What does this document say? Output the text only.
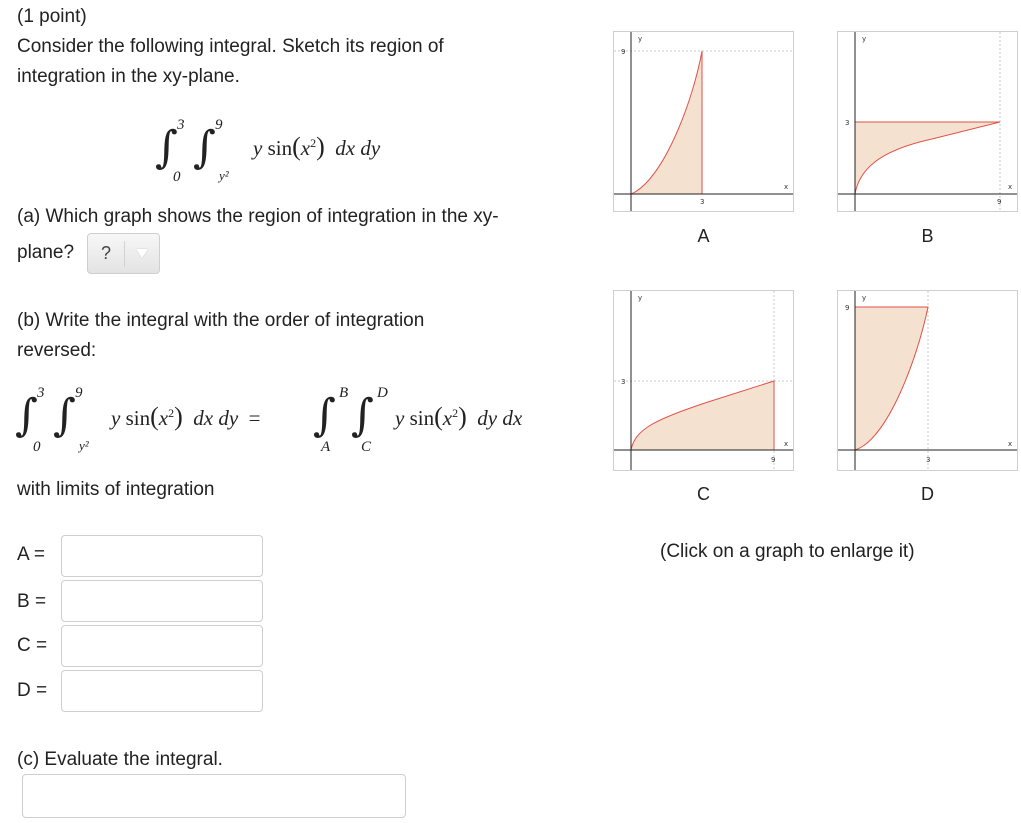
(1 point)
Consider the following integral. Sketch its region of
integration in the xy-plane.
∫ 3
0
∫ 9
y²
y $\sin(x^2)$ dx dy
(a) Which graph shows the region of integration in the xy-
plane?	?
(b) Write the integral with the order of integration
reversed:
∫ 3
0
∫ 9
y²
y $\sin(x^2)$ dx dy = ∫ B
A
∫ D
C
y $\sin(x^2)$ dy dx
with limits of integration
A =
B =
C =
D =
(c) Evaluate the integral.
y
9
3
x
A
y
3
9
x
B
y
3
9
x
C
y
9
3
x
D
(Click on a graph to enlarge it)
